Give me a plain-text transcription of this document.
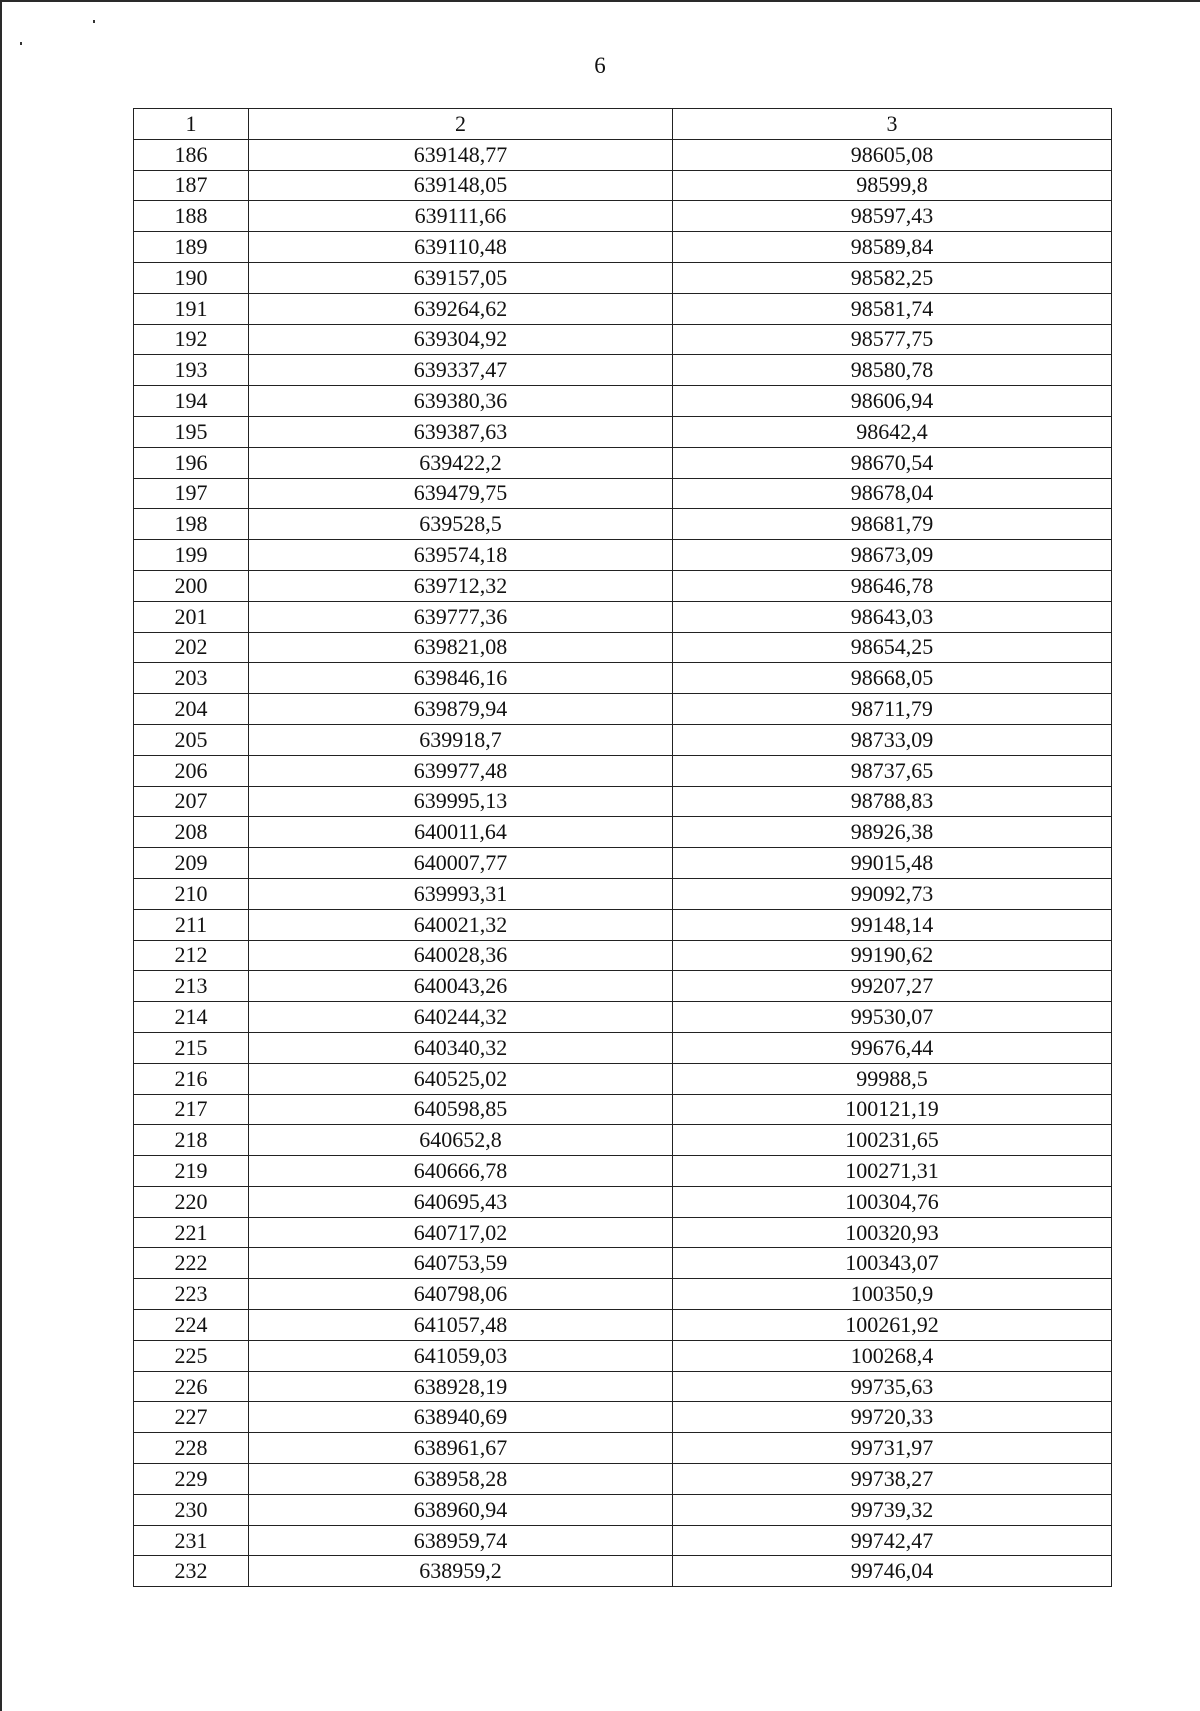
6
1	2	3
186	639148,77	98605,08
187	639148,05	98599,8
188	639111,66	98597,43
189	639110,48	98589,84
190	639157,05	98582,25
191	639264,62	98581,74
192	639304,92	98577,75
193	639337,47	98580,78
194	639380,36	98606,94
195	639387,63	98642,4
196	639422,2	98670,54
197	639479,75	98678,04
198	639528,5	98681,79
199	639574,18	98673,09
200	639712,32	98646,78
201	639777,36	98643,03
202	639821,08	98654,25
203	639846,16	98668,05
204	639879,94	98711,79
205	639918,7	98733,09
206	639977,48	98737,65
207	639995,13	98788,83
208	640011,64	98926,38
209	640007,77	99015,48
210	639993,31	99092,73
211	640021,32	99148,14
212	640028,36	99190,62
213	640043,26	99207,27
214	640244,32	99530,07
215	640340,32	99676,44
216	640525,02	99988,5
217	640598,85	100121,19
218	640652,8	100231,65
219	640666,78	100271,31
220	640695,43	100304,76
221	640717,02	100320,93
222	640753,59	100343,07
223	640798,06	100350,9
224	641057,48	100261,92
225	641059,03	100268,4
226	638928,19	99735,63
227	638940,69	99720,33
228	638961,67	99731,97
229	638958,28	99738,27
230	638960,94	99739,32
231	638959,74	99742,47
232	638959,2	99746,04
